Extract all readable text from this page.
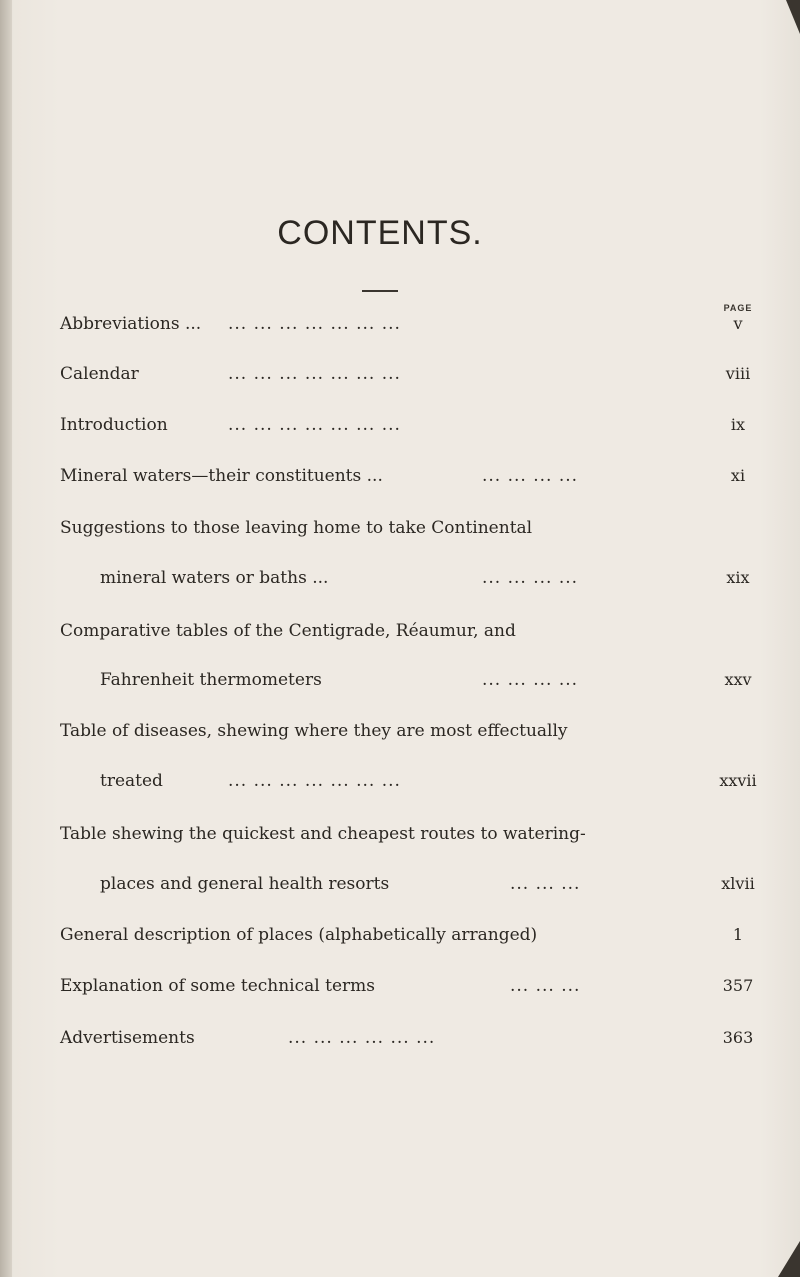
CONTENTS.
PAGE
Abbreviations ... ... ... ... ... ... ... ...	v
Calendar	... ... ... ... ... ... ...	viii
Introduction	... ... ... ... ... ... ...	ix
Mineral waters—their constituents ...	... ... ... ...	xi
Suggestions to those leaving home to take Continental
mineral waters or baths ...	... ... ... ...	xix
Comparative tables of the Centigrade, Réaumur, and
Fahrenheit thermometers	... ... ... ...	xxv
Table of diseases, shewing where they are most effectually
treated	... ... ... ... ... ... ...	xxvii
Table shewing the quickest and cheapest routes to watering-
places and general health resorts	... ... ...	xlvii
General description of places (alphabetically arranged)	1
Explanation of some technical terms	... ... ...	357
Advertisements	... ... ... ... ... ...	363
